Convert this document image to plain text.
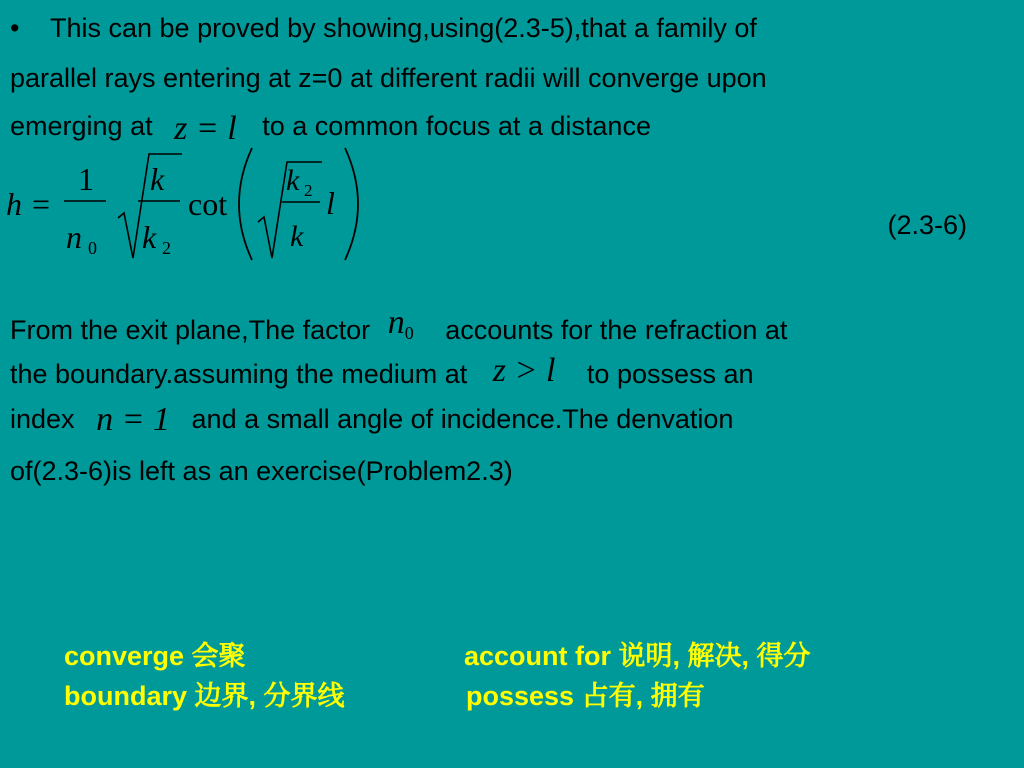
• This can be proved by showing,using(2.3-5),that a family of
parallel rays entering at z=0 at different radii will converge upon
emerging at z = l to a common focus at a distance
h =
1
n 0
k
k 2
cot
k 2
k
l
(2.3-6)
From the exit plane,The factor n0 accounts for the refraction at
the boundary.assuming the medium at z > l to possess an
index n = 1 and a small angle of incidence.The denvation
of(2.3-6)is left as an exercise(Problem2.3)
converge 会聚	account for 说明, 解决, 得分
boundary 边界, 分界线	possess 占有, 拥有
